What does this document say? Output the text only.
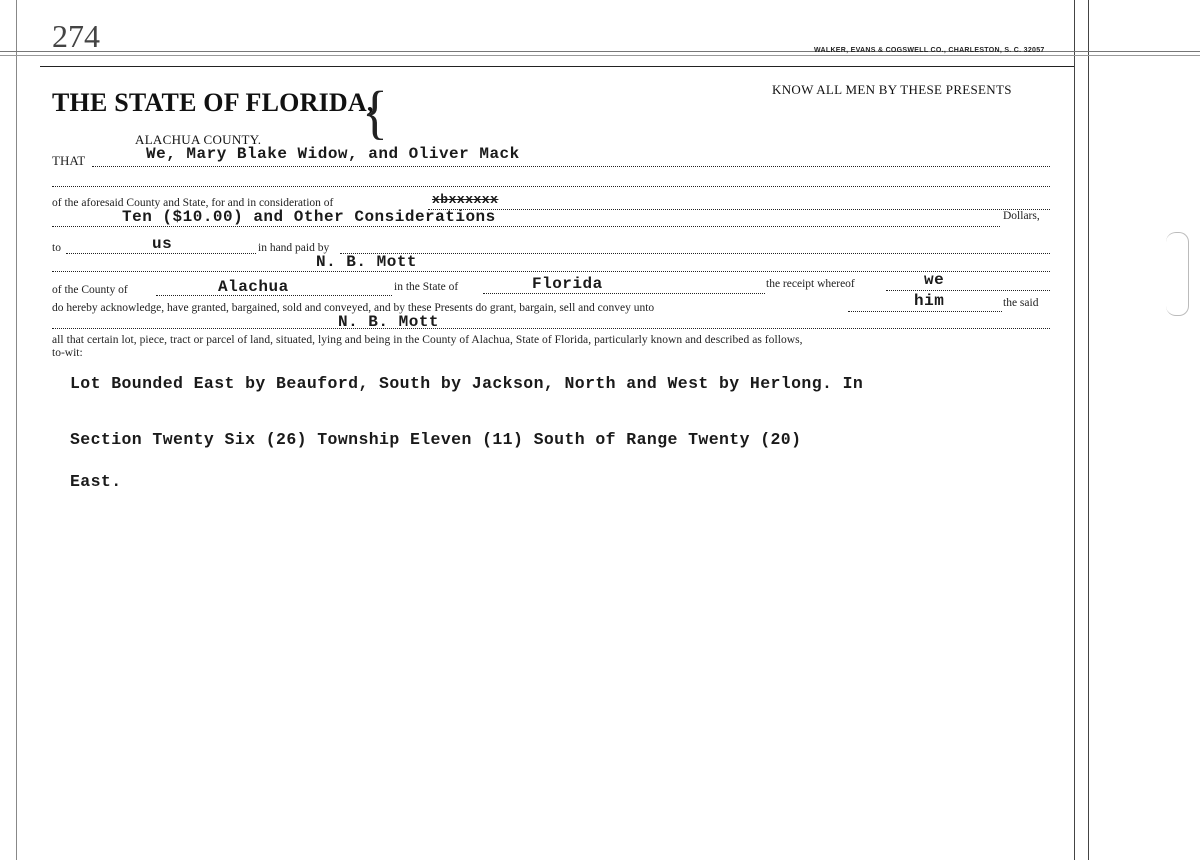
274	WALKER, EVANS & COGSWELL CO., CHARLESTON, S. C. 32057
THE STATE OF FLORIDA,
{
ALACHUA COUNTY.
KNOW ALL MEN BY THESE PRESENTS
THAT	We, Mary Blake Widow, and Oliver Mack
of the aforesaid County and State, for and in consideration of	xbxxxxxx
Ten ($10.00) and Other Considerations	Dollars,
to	us	in hand paid by
N. B. Mott
of the County of	Alachua	in the State of	Florida	the receipt whereof	we
do hereby acknowledge, have granted, bargained, sold and conveyed, and by these Presents do grant, bargain, sell and convey unto	him	the said
N. B. Mott
all that certain lot, piece, tract or parcel of land, situated, lying and being in the County of Alachua, State of Florida, particularly known and described as follows,
to-wit:
Lot Bounded East by Beauford, South by Jackson, North and West by Herlong. In
Section Twenty Six (26) Township Eleven (11) South of Range Twenty (20)
East.
